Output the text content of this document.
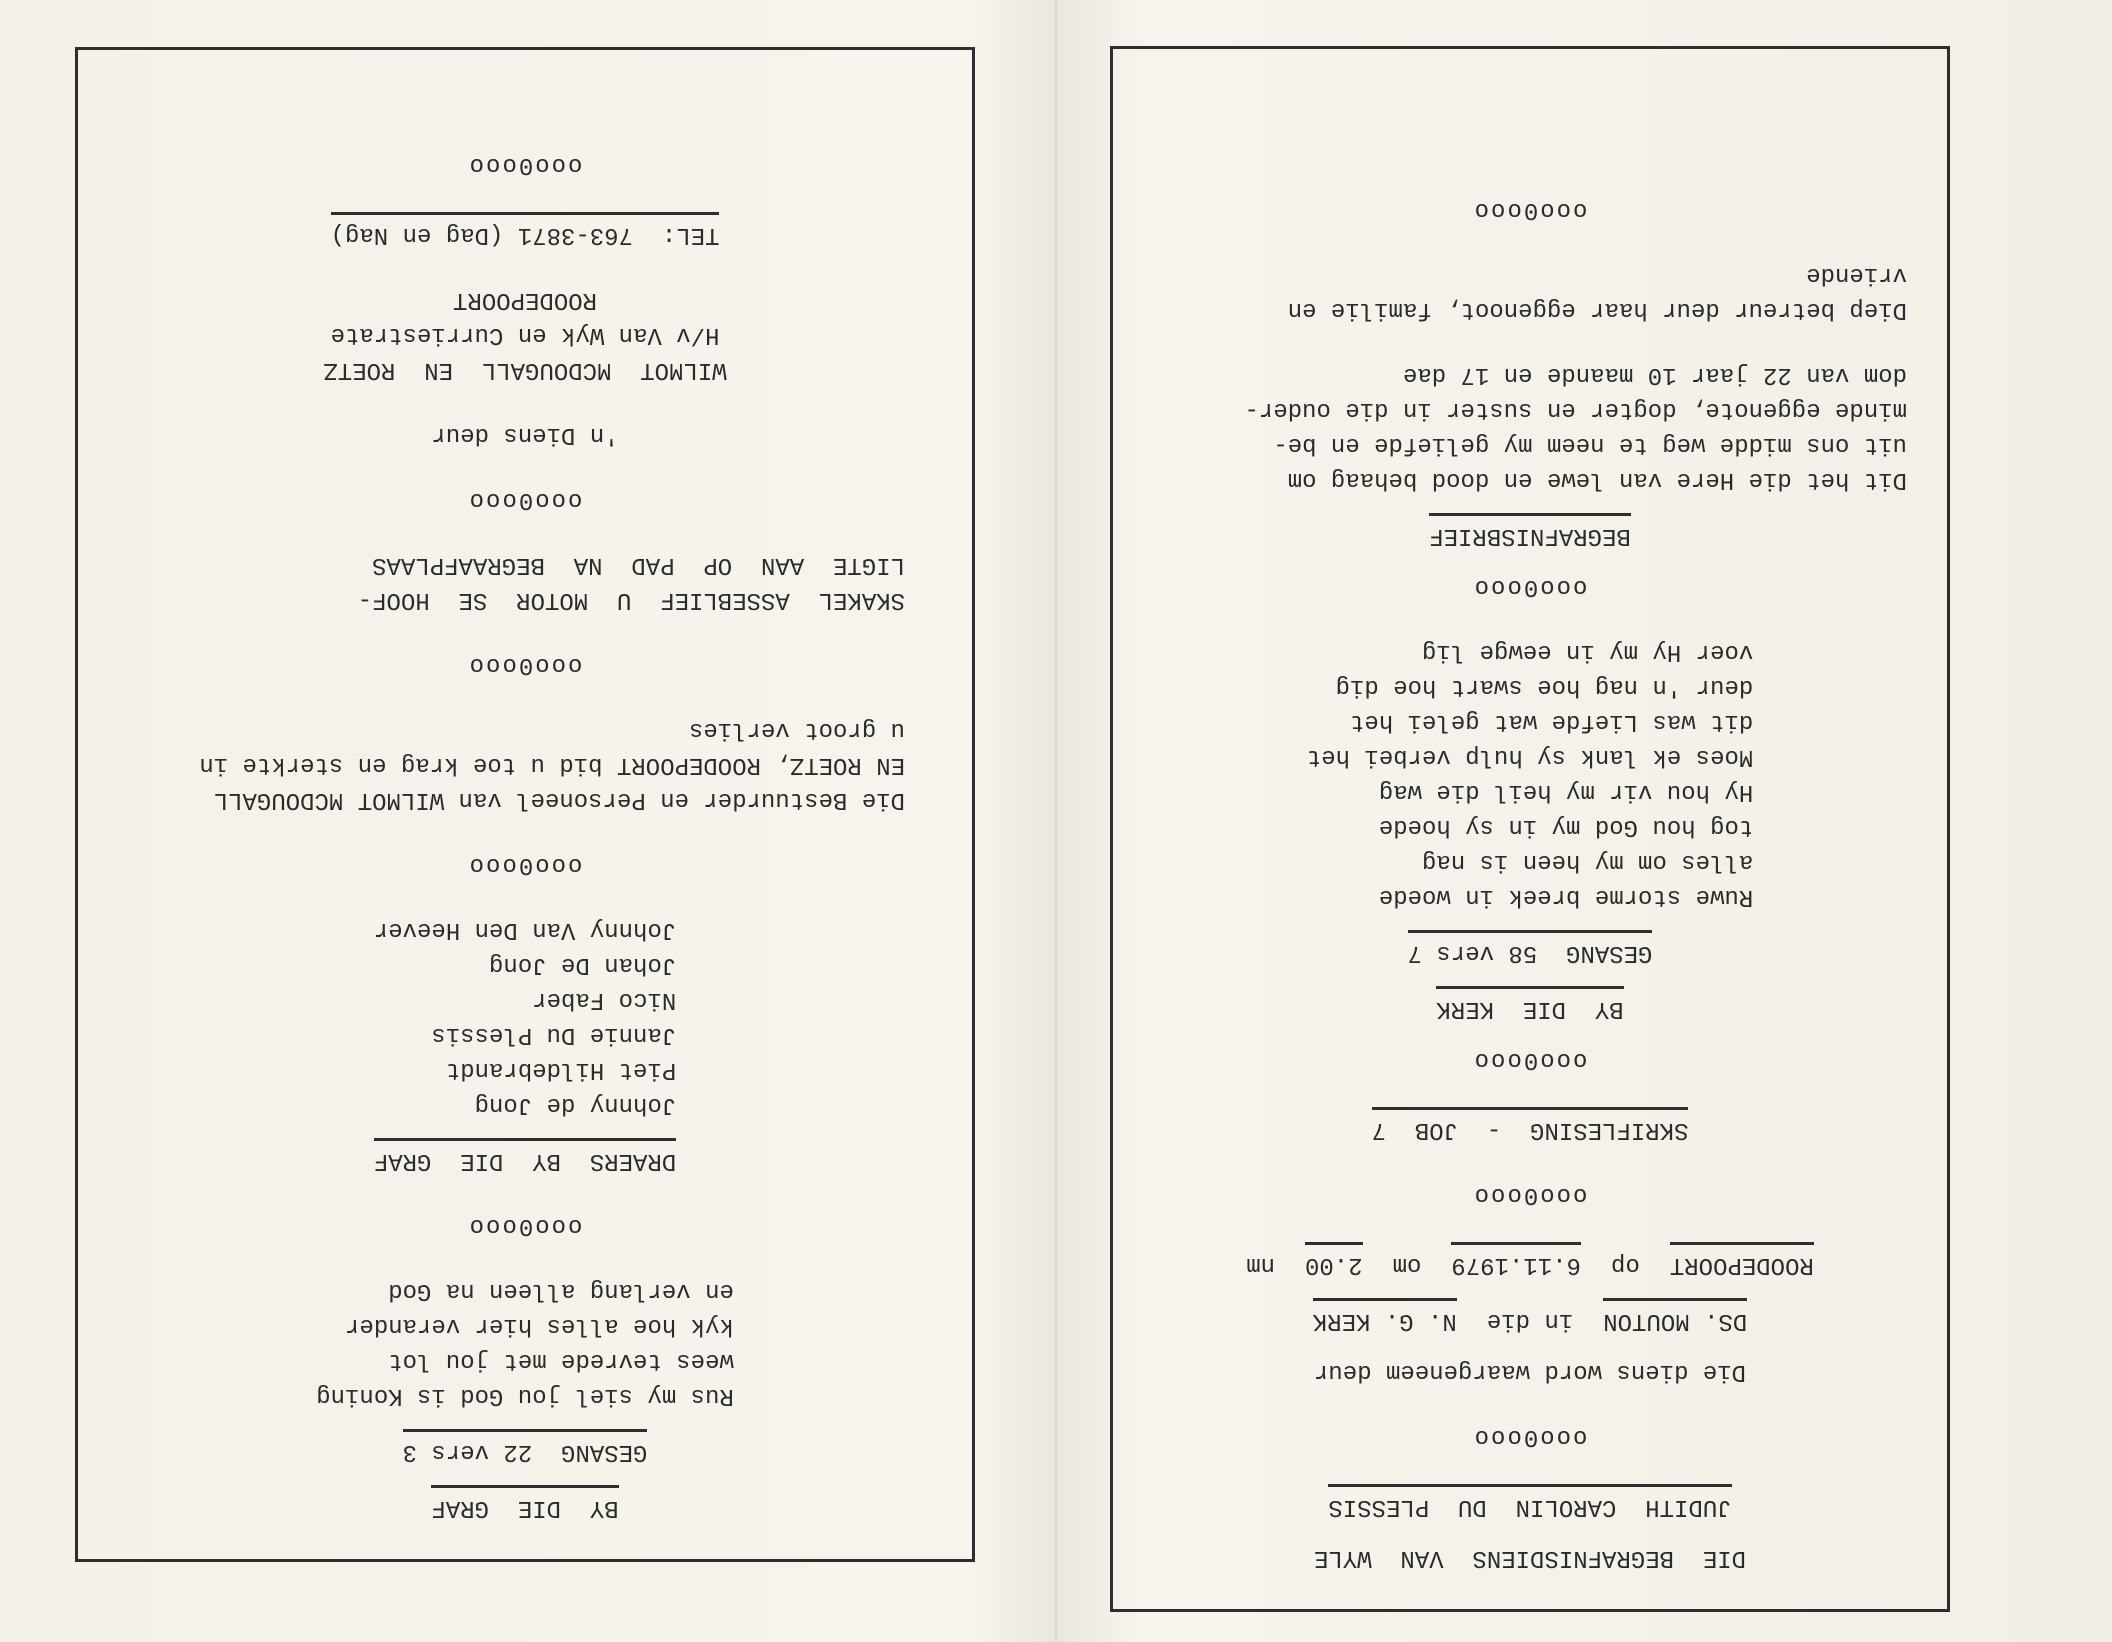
DIE  BEGRAFNISDIENS  VAN  WYLE

JUDITH  CAROLIN  DU  PLESSIS

ooo0ooo

Die diens word waargeneem deur

DS. MOUTON
in die
N. G. KERK
ROODEPOORT
op
6.11.1979
om
2.00
nm

ooo0ooo

SKRIFLESING  -  JOB  7

ooo0ooo

BY  DIE  KERK

GESANG  58 vers 7

Ruwe storme breek in woede

alles om my heen is nag

tog hou God my in sy hoede

Hy hou vir my heil die wag

Moes ek lank sy hulp verbei het

dit was Liefde wat gelei het

deur 'n nag hoe swart hoe dig

voer Hy my in eewge lig

ooo0ooo

BEGRAFNISBRIEF

Dit het die Here van lewe en dood behaag om

uit ons midde weg te neem my geliefde en be-

minde eggenote, dogter en suster in die ouder-

dom van 22 jaar 10 maande en 17 dae

Diep betreur deur haar eggenoot, familie en

vriende

ooo0ooo

BY  DIE  GRAF

GESANG  22 vers 3

Rus my siel jou God is Koning

wees tevrede met jou lot

kyk hoe alles hier verander

en verlang alleen na God

ooo0ooo

DRAERS  BY  DIE  GRAF

Johnny de Jong

Piet Hildebrandt

Jannie Du Plessis

Nico Faber

Johan De Jong

Johnny Van Den Heever

ooo0ooo

Die Bestuurder en Personeel van WILMOT MCDOUGALL

EN ROETZ, ROODEPOORT bid u toe krag en sterkte in

u groot verlies

ooo0ooo

SKAKEL  ASSEBLIEF  U  MOTOR  SE  HOOF-

LIGTE  AAN  OP  PAD  NA  BEGRAAFPLAAS

ooo0ooo

'n Diens deur

WILMOT  MCDOUGALL  EN  ROETZ

H/v Van Wyk en Curriestrate

ROODEPOORT

TEL:  763-3871 (Dag en Nag)

ooo0ooo
